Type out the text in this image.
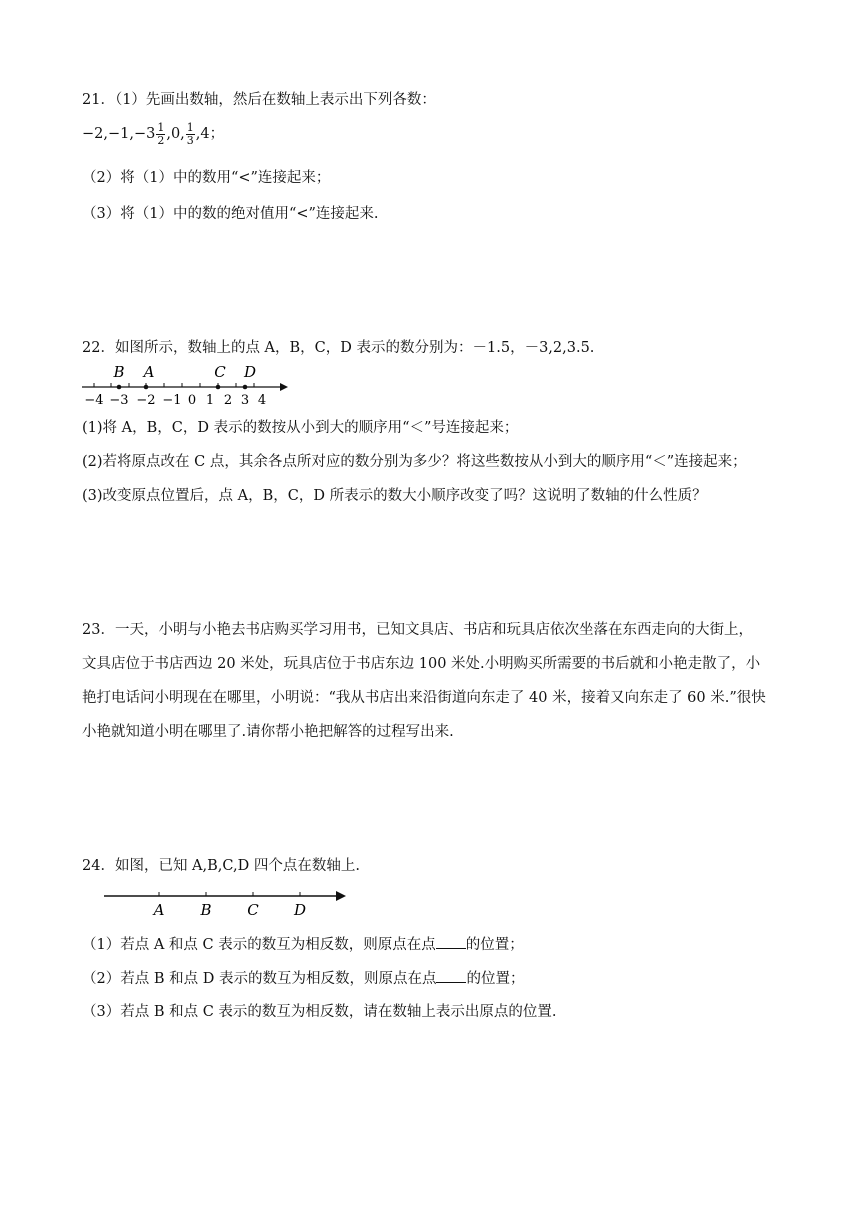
21．（1）先画出数轴，然后在数轴上表示出下列各数：
$-2,-1,-3 \frac{1}{2} ,0$, $\frac{1}{3} ,4$；
（2）将（1）中的数用“<”连接起来；
（3）将（1）中的数的绝对值用“<”连接起来.
22．如图所示，数轴上的点 A，B，C，D 表示的数分别为：－1.5，－3,2,3.5.
B A	C D
−4 −3 −2 −1 0 1 2 3 4
(1)将 A，B，C，D 表示的数按从小到大的顺序用“＜”号连接起来；
(2)若将原点改在 C 点，其余各点所对应的数分别为多少？将这些数按从小到大的顺序用“＜”连接起来；
(3)改变原点位置后，点 A，B，C，D 所表示的数大小顺序改变了吗？这说明了数轴的什么性质？
23．一天，小明与小艳去书店购买学习用书，已知文具店、书店和玩具店依次坐落在东西走向的大街上，
文具店位于书店西边 20 米处，玩具店位于书店东边 100 米处.小明购买所需要的书后就和小艳走散了，小
艳打电话问小明现在在哪里，小明说：“我从书店出来沿街道向东走了 40 米，接着又向东走了 60 米.”很快
小艳就知道小明在哪里了.请你帮小艳把解答的过程写出来.
24．如图，已知 A,B,C,D 四个点在数轴上.
A B C D
（1）若点 A 和点 C 表示的数互为相反数，则原点在点 的位置；
（2）若点 B 和点 D 表示的数互为相反数，则原点在点 的位置；
（3）若点 B 和点 C 表示的数互为相反数，请在数轴上表示出原点的位置.
